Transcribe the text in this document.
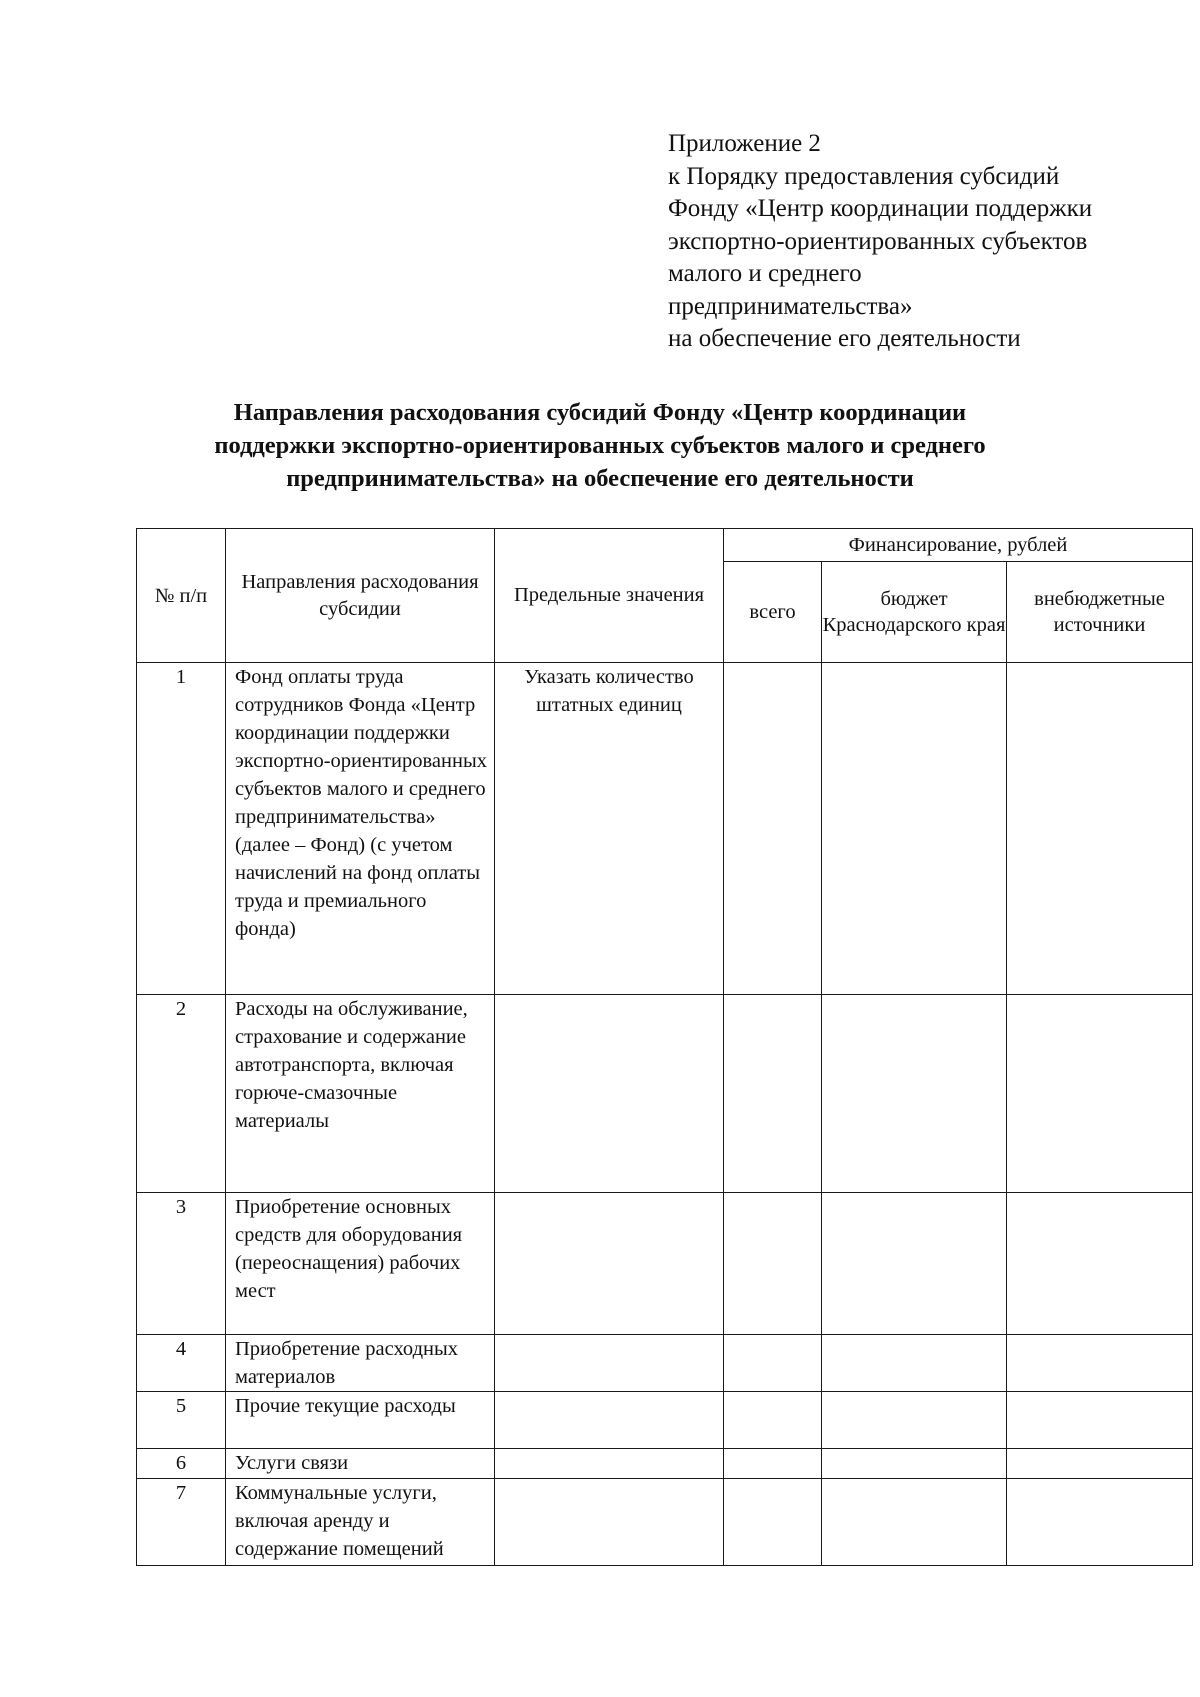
Приложение 2
к Порядку предоставления субсидий
Фонду «Центр координации поддержки
экспортно-ориентированных субъектов
малого и среднего
предпринимательства»
на обеспечение его деятельности
Направления расходования субсидий Фонду «Центр координации
поддержки экспортно-ориентированных субъектов малого и среднего
предпринимательства» на обеспечение его деятельности
№ п/п	Направления расходования субсидии	Предельные значения	Финансирование, рублей		
			всего	бюджет Краснодарского края	внебюджетные источники
1	Фонд оплаты труда сотрудников Фонда «Центр координации поддержки экспортно-ориентированных субъектов малого и среднего предпринимательства» (далее – Фонд) (с учетом начислений на фонд оплаты труда и премиального фонда)	Указать количество штатных единиц			
2	Расходы на обслуживание, страхование и содержание автотранспорта, включая горюче-смазочные материалы				
3	Приобретение основных средств для оборудования (переоснащения) рабочих мест				
4	Приобретение расходных материалов				
5	Прочие текущие расходы				
6	Услуги связи				
7	Коммунальные услуги, включая аренду и содержание помещений				
